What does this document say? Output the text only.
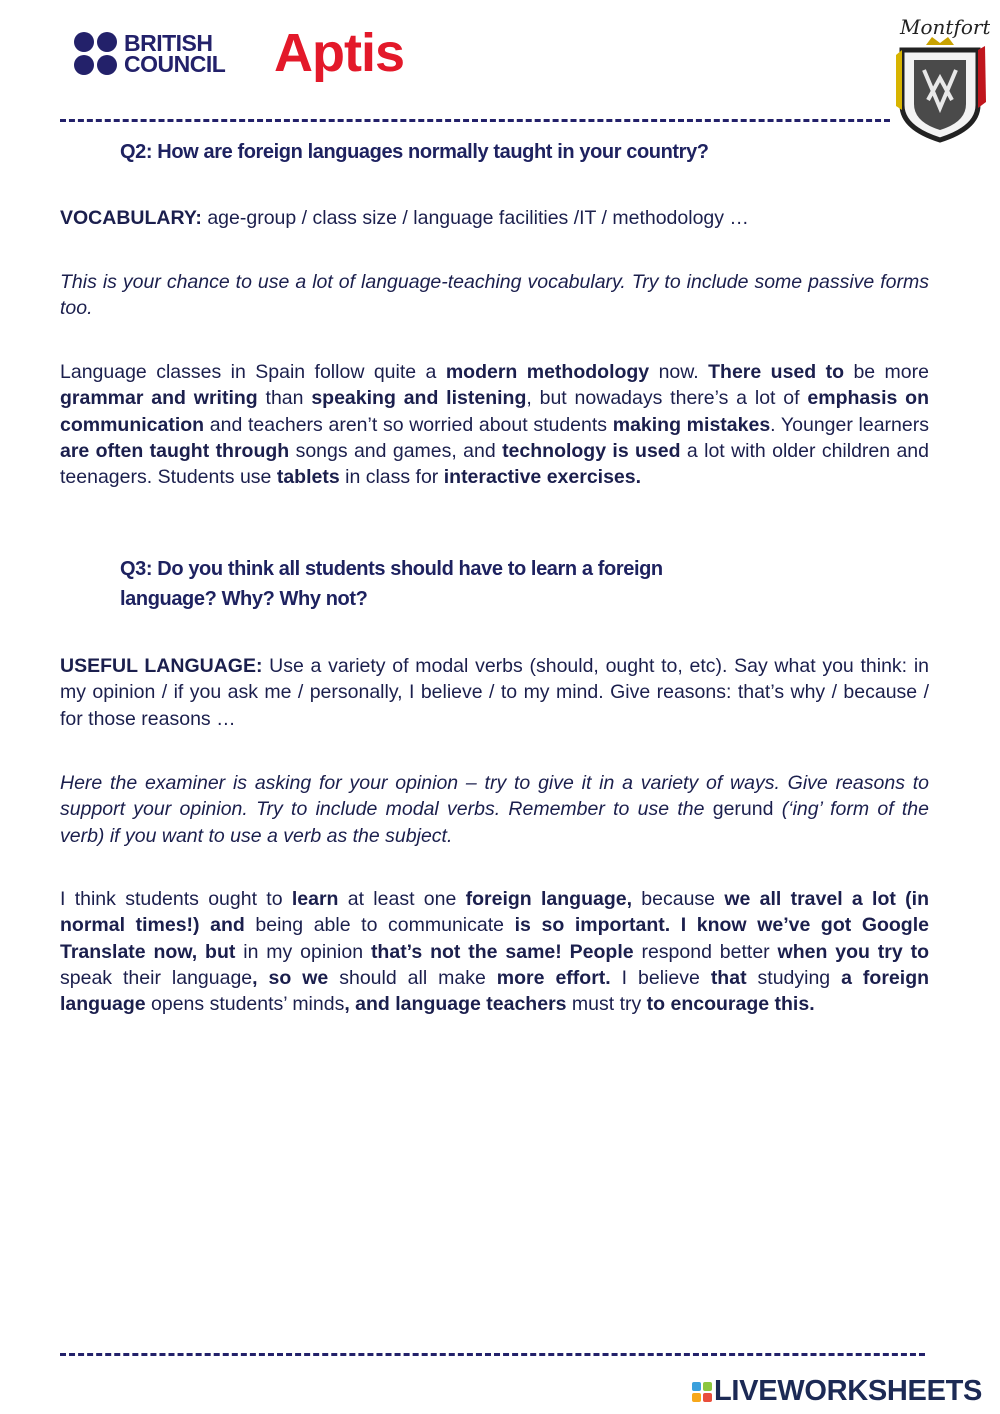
BRITISH
COUNCIL Aptis	Montfort
Q2: How are foreign languages normally taught in your country?
VOCABULARY: age-group / class size / language facilities /IT / methodology …
This is your chance to use a lot of language-teaching vocabulary. Try to include some passive forms too.
Language classes in Spain follow quite a modern methodology now. There used to be more grammar and writing than speaking and listening, but nowadays there’s a lot of emphasis on communication and teachers aren’t so worried about students making mistakes. Younger learners are often taught through songs and games, and technology is used a lot with older children and teenagers. Students use tablets in class for interactive exercises.
Q3: Do you think all students should have to learn a foreign
language? Why? Why not?
USEFUL LANGUAGE: Use a variety of modal verbs (should, ought to, etc). Say what you think: in my opinion / if you ask me / personally, I believe / to my mind. Give reasons: that’s why / because / for those reasons …
Here the examiner is asking for your opinion – try to give it in a variety of ways. Give reasons to support your opinion. Try to include modal verbs. Remember to use the gerund (‘ing’ form of the verb) if you want to use a verb as the subject.
I think students ought to learn at least one foreign language, because we all travel a lot (in normal times!) and being able to communicate is so important. I know we’ve got Google Translate now, but in my opinion that’s not the same! People respond better when you try to speak their language, so we should all make more effort. I believe that studying a foreign language opens students’ minds, and language teachers must try to encourage this.
LIVEWORKSHEETS
